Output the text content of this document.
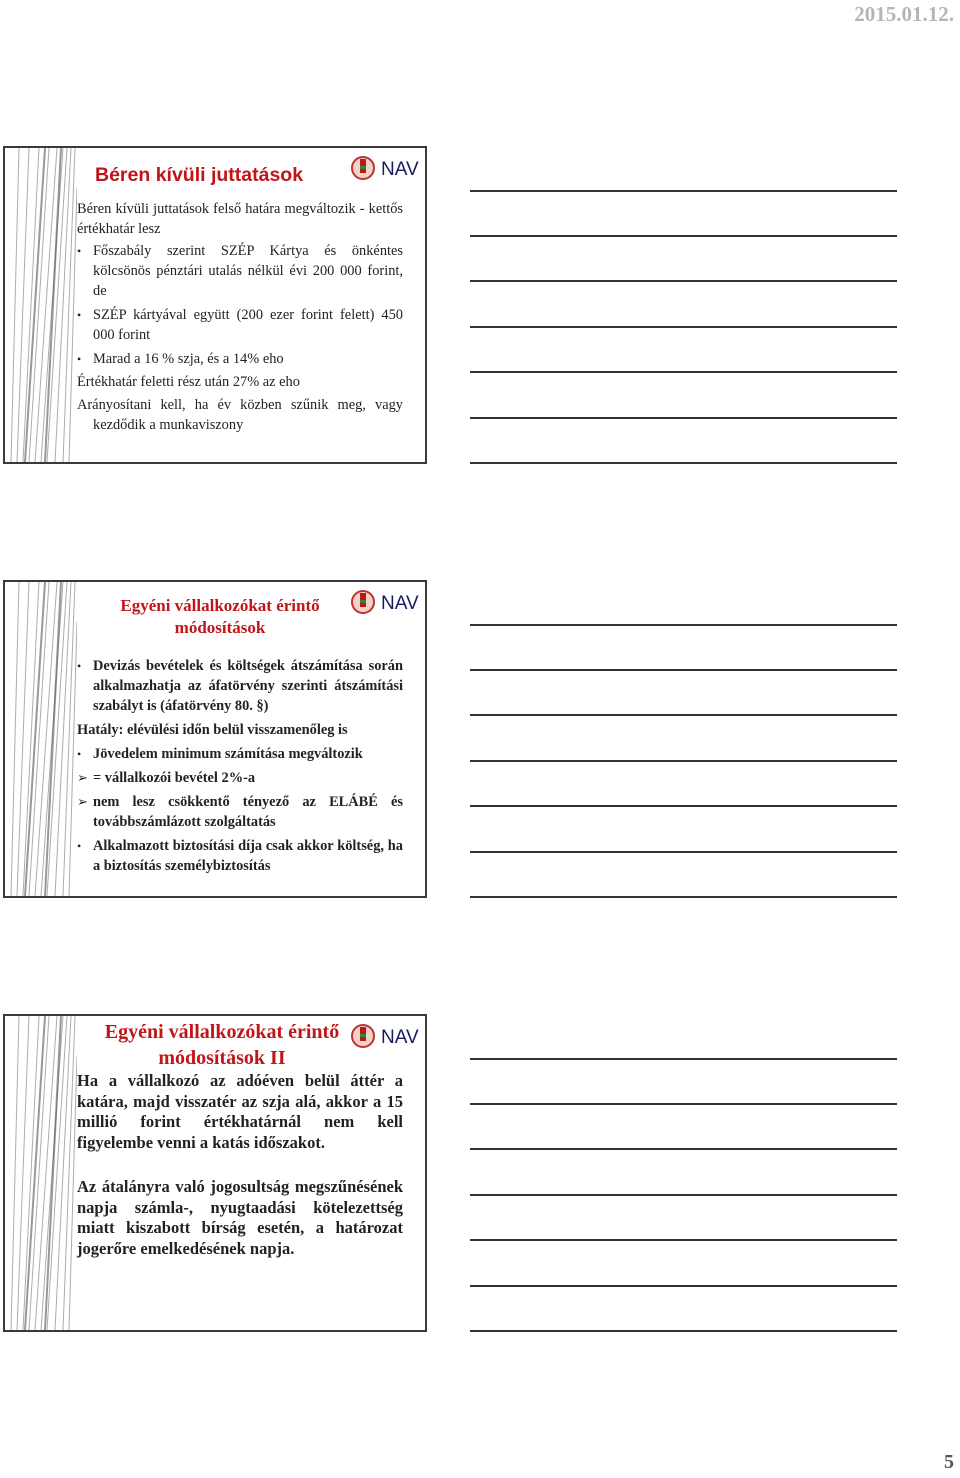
2015.01.12.
NAV
Béren kívüli juttatások

Béren kívüli juttatások felső határa megváltozik - kettős értékhatár lesz

• Főszabály szerint SZÉP Kártya és önkéntes kölcsönös pénztári utalás nélkül évi 200 000 forint, de
• SZÉP kártyával együtt (200 ezer forint felett) 450 000 forint
• Marad a 16 % szja, és a 14% eho

Értékhatár feletti rész után 27% az eho

Arányosítani kell, ha év közben szűnik meg, vagy kezdődik a munkaviszony

NAV
Egyéni vállalkozókat érintő
módosítások
• Devizás bevételek és költségek átszámítása során alkalmazhatja az áfatörvény szerinti átszámítási szabályt is (áfatörvény 80. §)

Hatály: elévülési időn belül visszamenőleg is

• Jövedelem minimum számítása megváltozik
➢ = vállalkozói bevétel 2%-a
➢ nem lesz csökkentő tényező az ELÁBÉ és továbbszámlázott szolgáltatás
• Alkalmazott biztosítási díja csak akkor költség, ha a biztosítás személybiztosítás
NAV
Egyéni vállalkozókat érintő
módosítások II

Ha a vállalkozó az adóéven belül áttér a katára, majd visszatér az szja alá, akkor a 15 millió forint értékhatárnál nem kell figyelembe venni a katás időszakot.

Az átalányra való jogosultság megszűnésének napja számla-, nyugtaadási kötelezettség miatt kiszabott bírság esetén, a határozat jogerőre emelkedésének napja.

5
